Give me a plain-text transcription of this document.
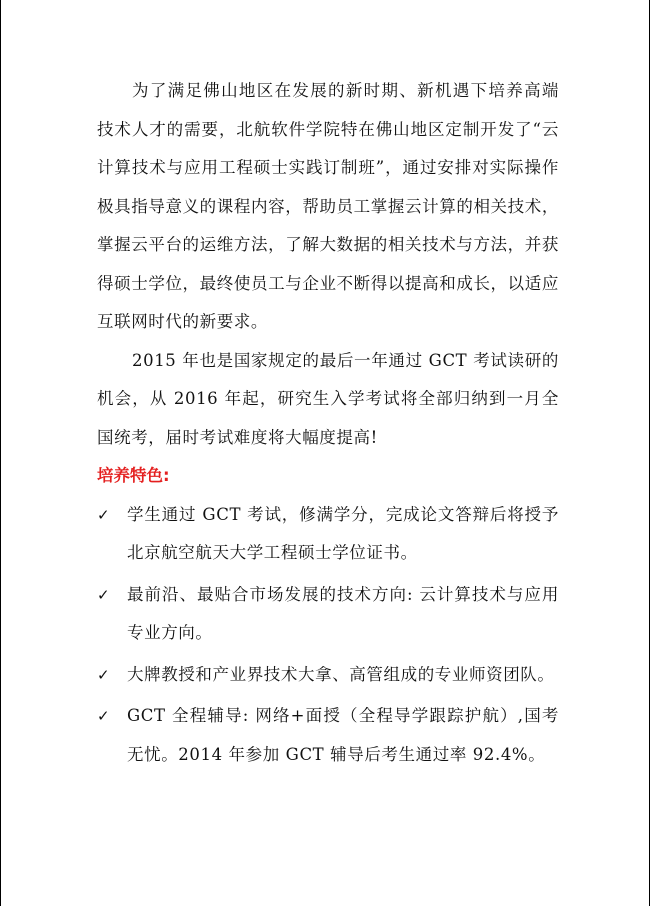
为了满足佛山地区在发展的新时期、新机遇下培养高端技术人才的需要，北航软件学院特在佛山地区定制开发了“云计算技术与应用工程硕士实践订制班”，通过安排对实际操作极具指导意义的课程内容，帮助员工掌握云计算的相关技术，掌握云平台的运维方法，了解大数据的相关技术与方法，并获得硕士学位，最终使员工与企业不断得以提高和成长，以适应互联网时代的新要求。

2015 年也是国家规定的最后一年通过 GCT 考试读研的机会，从 2016 年起，研究生入学考试将全部归纳到一月全国统考，届时考试难度将大幅度提高!

培养特色:

✓ 学生通过 GCT 考试，修满学分，完成论文答辩后将授予北京航空航天大学工程硕士学位证书。
✓ 最前沿、最贴合市场发展的技术方向: 云计算技术与应用专业方向。
✓ 大牌教授和产业界技术大拿、高管组成的专业师资团队。
✓ GCT 全程辅导: 网络+面授（全程导学跟踪护航）,国考无忧。2014 年参加 GCT 辅导后考生通过率 92.4%。
